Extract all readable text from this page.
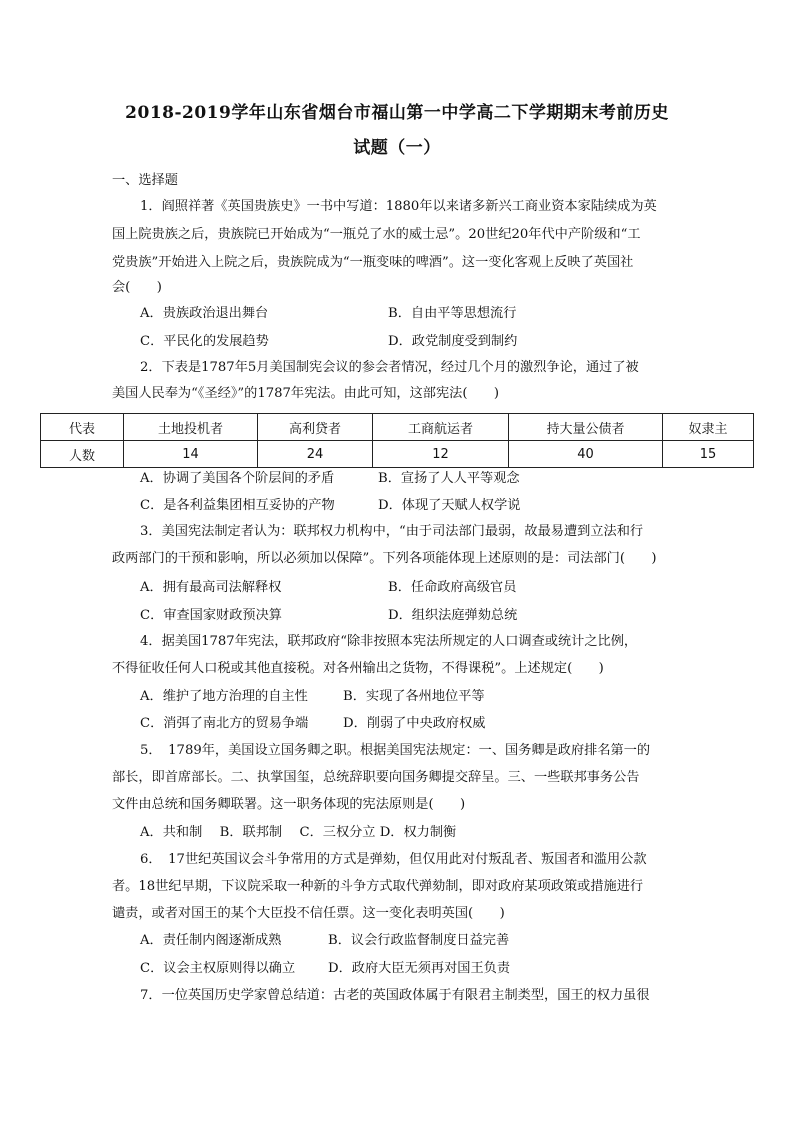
2018-2019学年山东省烟台市福山第一中学高二下学期期末考前历史
试题（一）
一、选择题
1．阎照祥著《英国贵族史》一书中写道：1880年以来诸多新兴工商业资本家陆续成为英
国上院贵族之后，贵族院已开始成为“一瓶兑了水的威士忌”。20世纪20年代中产阶级和“工
党贵族”开始进入上院之后，贵族院成为“一瓶变味的啤酒”。这一变化客观上反映了英国社
会(　　)
A．贵族政治退出舞台	B．自由平等思想流行
C．平民化的发展趋势	D．政党制度受到制约
2．下表是1787年5月美国制宪会议的参会者情况，经过几个月的激烈争论，通过了被
美国人民奉为“《圣经》”的1787年宪法。由此可知，这部宪法(　　)
代表	土地投机者	高利贷者	工商航运者	持大量公债者	奴隶主
人数	14	24	12	40	15
A．协调了美国各个阶层间的矛盾	B．宣扬了人人平等观念
C．是各利益集团相互妥协的产物	D．体现了天赋人权学说
3．美国宪法制定者认为：联邦权力机构中，“由于司法部门最弱，故最易遭到立法和行
政两部门的干预和影响，所以必须加以保障”。下列各项能体现上述原则的是：司法部门(　　)
A．拥有最高司法解释权	B．任命政府高级官员
C．审查国家财政预决算	D．组织法庭弹劾总统
4．据美国1787年宪法，联邦政府“除非按照本宪法所规定的人口调查或统计之比例，
不得征收任何人口税或其他直接税。对各州输出之货物，不得课税”。上述规定(　　)
A．维护了地方治理的自主性	B．实现了各州地位平等
C．消弭了南北方的贸易争端	D．削弱了中央政府权威
5．　1789年，美国设立国务卿之职。根据美国宪法规定：一、国务卿是政府排名第一的
部长，即首席部长。二、执掌国玺，总统辞职要向国务卿提交辞呈。三、一些联邦事务公告
文件由总统和国务卿联署。这一职务体现的宪法原则是(　　)
A．共和制　 B．联邦制　 C．三权分立 D．权力制衡
6．　17世纪英国议会斗争常用的方式是弹劾，但仅用此对付叛乱者、叛国者和滥用公款
者。18世纪早期，下议院采取一种新的斗争方式取代弹劾制，即对政府某项政策或措施进行
谴责，或者对国王的某个大臣投不信任票。这一变化表明英国(　　)
A．责任制内阁逐渐成熟	B．议会行政监督制度日益完善
C．议会主权原则得以确立 D．政府大臣无须再对国王负责
7．一位英国历史学家曾总结道：古老的英国政体属于有限君主制类型，国王的权力虽很
